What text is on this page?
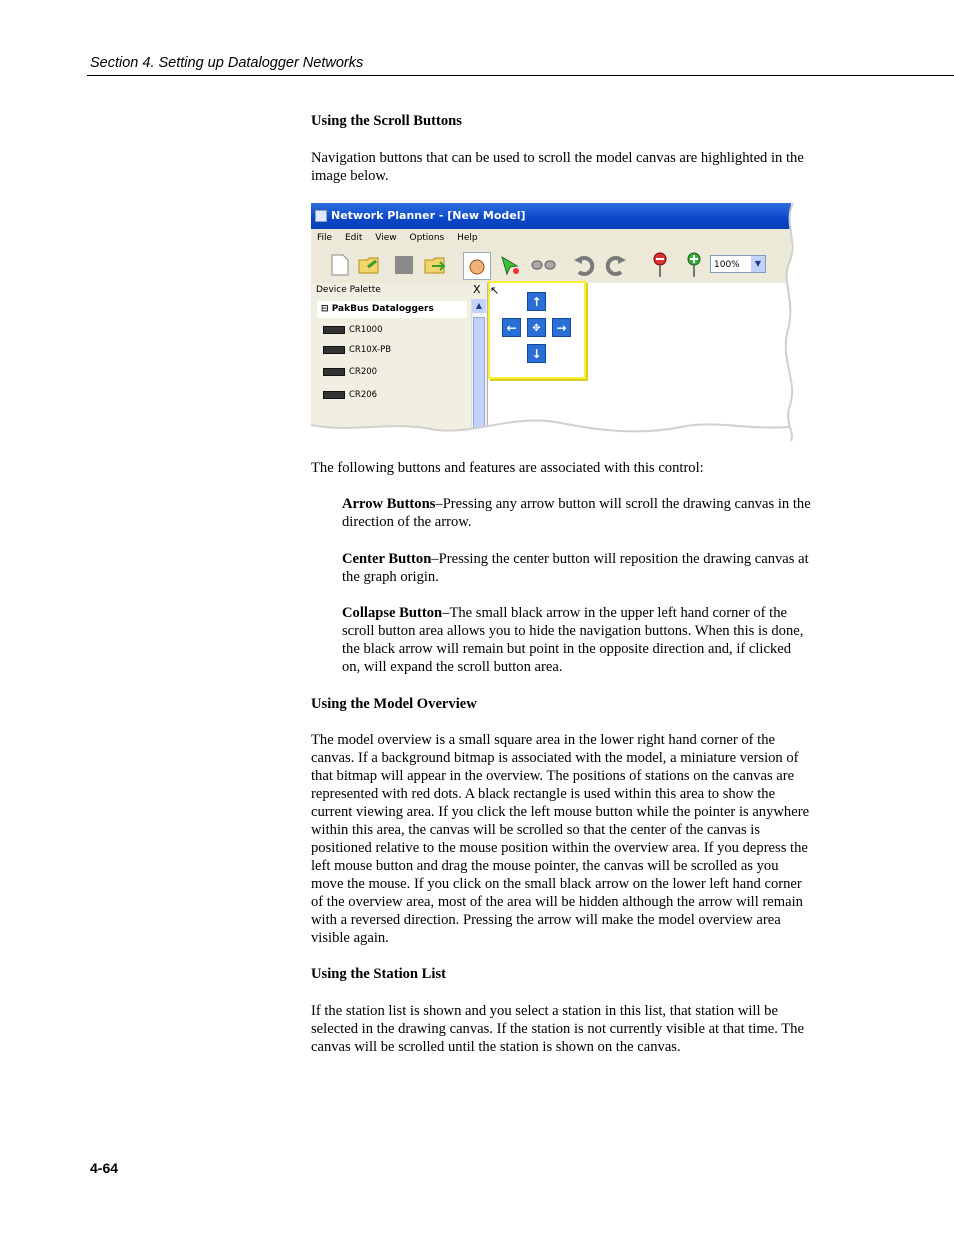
Section 4. Setting up Datalogger Networks
Using the Scroll Buttons

Navigation buttons that can be used to scroll the model canvas are highlighted in the image below.

Network Planner - [New Model]
File Edit View Options Help
100%	▼
Device Palette	X
⊟ PakBus Dataloggers
CR1000
CR10X-PB
CR200
CR206
▲
↖
↑
←	✥	→
↓

The following buttons and features are associated with this control:

Arrow Buttons–Pressing any arrow button will scroll the drawing canvas in the direction of the arrow.

Center Button–Pressing the center button will reposition the drawing canvas at the graph origin.

Collapse Button–The small black arrow in the upper left hand corner of the scroll button area allows you to hide the navigation buttons. When this is done, the black arrow will remain but point in the opposite direction and, if clicked on, will expand the scroll button area.

Using the Model Overview

The model overview is a small square area in the lower right hand corner of the canvas. If a background bitmap is associated with the model, a miniature version of that bitmap will appear in the overview. The positions of stations on the canvas are represented with red dots. A black rectangle is used within this area to show the current viewing area. If you click the left mouse button while the pointer is anywhere within this area, the canvas will be scrolled so that the center of the canvas is positioned relative to the mouse position within the overview area. If you depress the left mouse button and drag the mouse pointer, the canvas will be scrolled as you move the mouse. If you click on the small black arrow on the lower left hand corner of the overview area, most of the area will be hidden although the arrow will remain with a reversed direction. Pressing the arrow will make the model overview area visible again.

Using the Station List

If the station list is shown and you select a station in this list, that station will be selected in the drawing canvas. If the station is not currently visible at that time. The canvas will be scrolled until the station is shown on the canvas.

4-64
